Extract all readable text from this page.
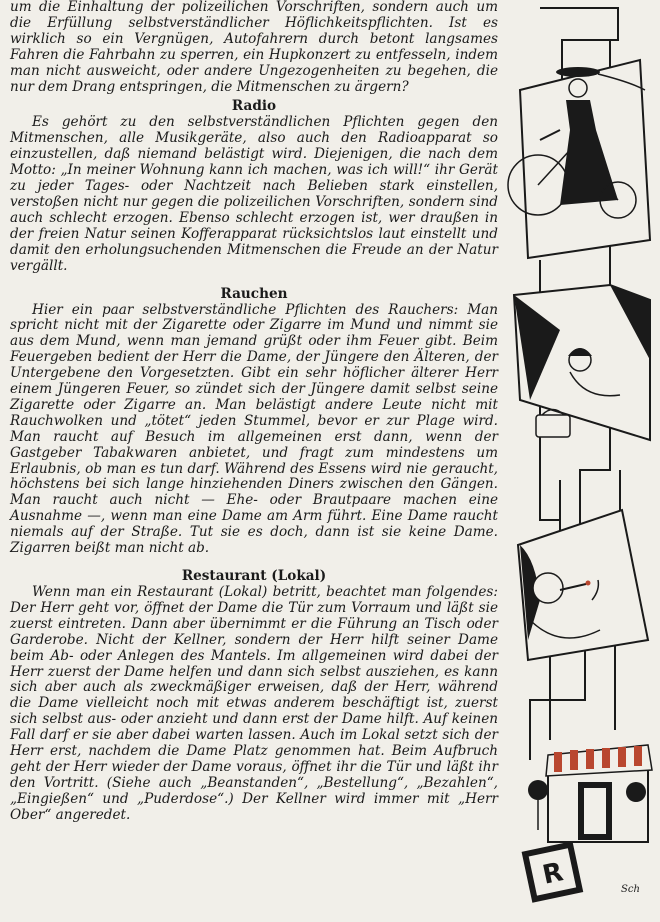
um die Einhaltung der polizeilichen Vorschriften, sondern auch um die Erfüllung selbstverständlicher Höflichkeitspflichten. Ist es wirklich so ein Vergnügen, Autofahrern durch betont langsames Fahren die Fahrbahn zu sperren, ein Hupkonzert zu entfesseln, indem man nicht ausweicht, oder andere Ungezogenheiten zu begehen, die nur dem Drang entspringen, die Mitmenschen zu ärgern?

Radio

Es gehört zu den selbstverständlichen Pflichten gegen den Mitmenschen, alle Musikgeräte, also auch den Radioapparat so einzustellen, daß niemand belästigt wird. Diejenigen, die nach dem Motto: „In meiner Wohnung kann ich machen, was ich will!“ ihr Gerät zu jeder Tages- oder Nachtzeit nach Belieben stark einstellen, verstoßen nicht nur gegen die polizeilichen Vorschriften, sondern sind auch schlecht erzogen. Ebenso schlecht erzogen ist, wer draußen in der freien Natur seinen Kofferapparat rücksichtslos laut einstellt und damit den erholungsuchenden Mitmenschen die Freude an der Natur vergällt.

Rauchen

Hier ein paar selbstverständliche Pflichten des Rauchers: Man spricht nicht mit der Zigarette oder Zigarre im Mund und nimmt sie aus dem Mund, wenn man jemand grüßt oder ihm Feuer gibt. Beim Feuergeben bedient der Herr die Dame, der Jüngere den Älteren, der Untergebene den Vorgesetzten. Gibt ein sehr höflicher älterer Herr einem Jüngeren Feuer, so zündet sich der Jüngere damit selbst seine Zigarette oder Zigarre an. Man belästigt andere Leute nicht mit Rauchwolken und „tötet“ jeden Stummel, bevor er zur Plage wird. Man raucht auf Besuch im allgemeinen erst dann, wenn der Gastgeber Tabakwaren anbietet, und fragt zum mindestens um Erlaubnis, ob man es tun darf. Während des Essens wird nie geraucht, höchstens bei sich lange hinziehenden Diners zwischen den Gängen. Man raucht auch nicht — Ehe- oder Brautpaare machen eine Ausnahme —, wenn man eine Dame am Arm führt. Eine Dame raucht niemals auf der Straße. Tut sie es doch, dann ist sie keine Dame. Zigarren beißt man nicht ab.

Restaurant (Lokal)

Wenn man ein Restaurant (Lokal) betritt, beachtet man folgendes: Der Herr geht vor, öffnet der Dame die Tür zum Vorraum und läßt sie zuerst eintreten. Dann aber übernimmt er die Führung an Tisch oder Garderobe. Nicht der Kellner, sondern der Herr hilft seiner Dame beim Ab- oder Anlegen des Mantels. Im allgemeinen wird dabei der Herr zuerst der Dame helfen und dann sich selbst ausziehen, es kann sich aber auch als zweckmäßiger erweisen, daß der Herr, während die Dame vielleicht noch mit etwas anderem beschäftigt ist, zuerst sich selbst aus- oder anzieht und dann erst der Dame hilft. Auf keinen Fall darf er sie aber dabei warten lassen. Auch im Lokal setzt sich der Herr erst, nachdem die Dame Platz genommen hat. Beim Aufbruch geht der Herr wieder der Dame voraus, öffnet ihr die Tür und läßt ihr den Vortritt. (Siehe auch „Beanstanden“, „Bestellung“, „Bezahlen“, „Eingießen“ und „Puderdose“.) Der Kellner wird immer mit „Herr Ober“ angeredet.

R	Sch
